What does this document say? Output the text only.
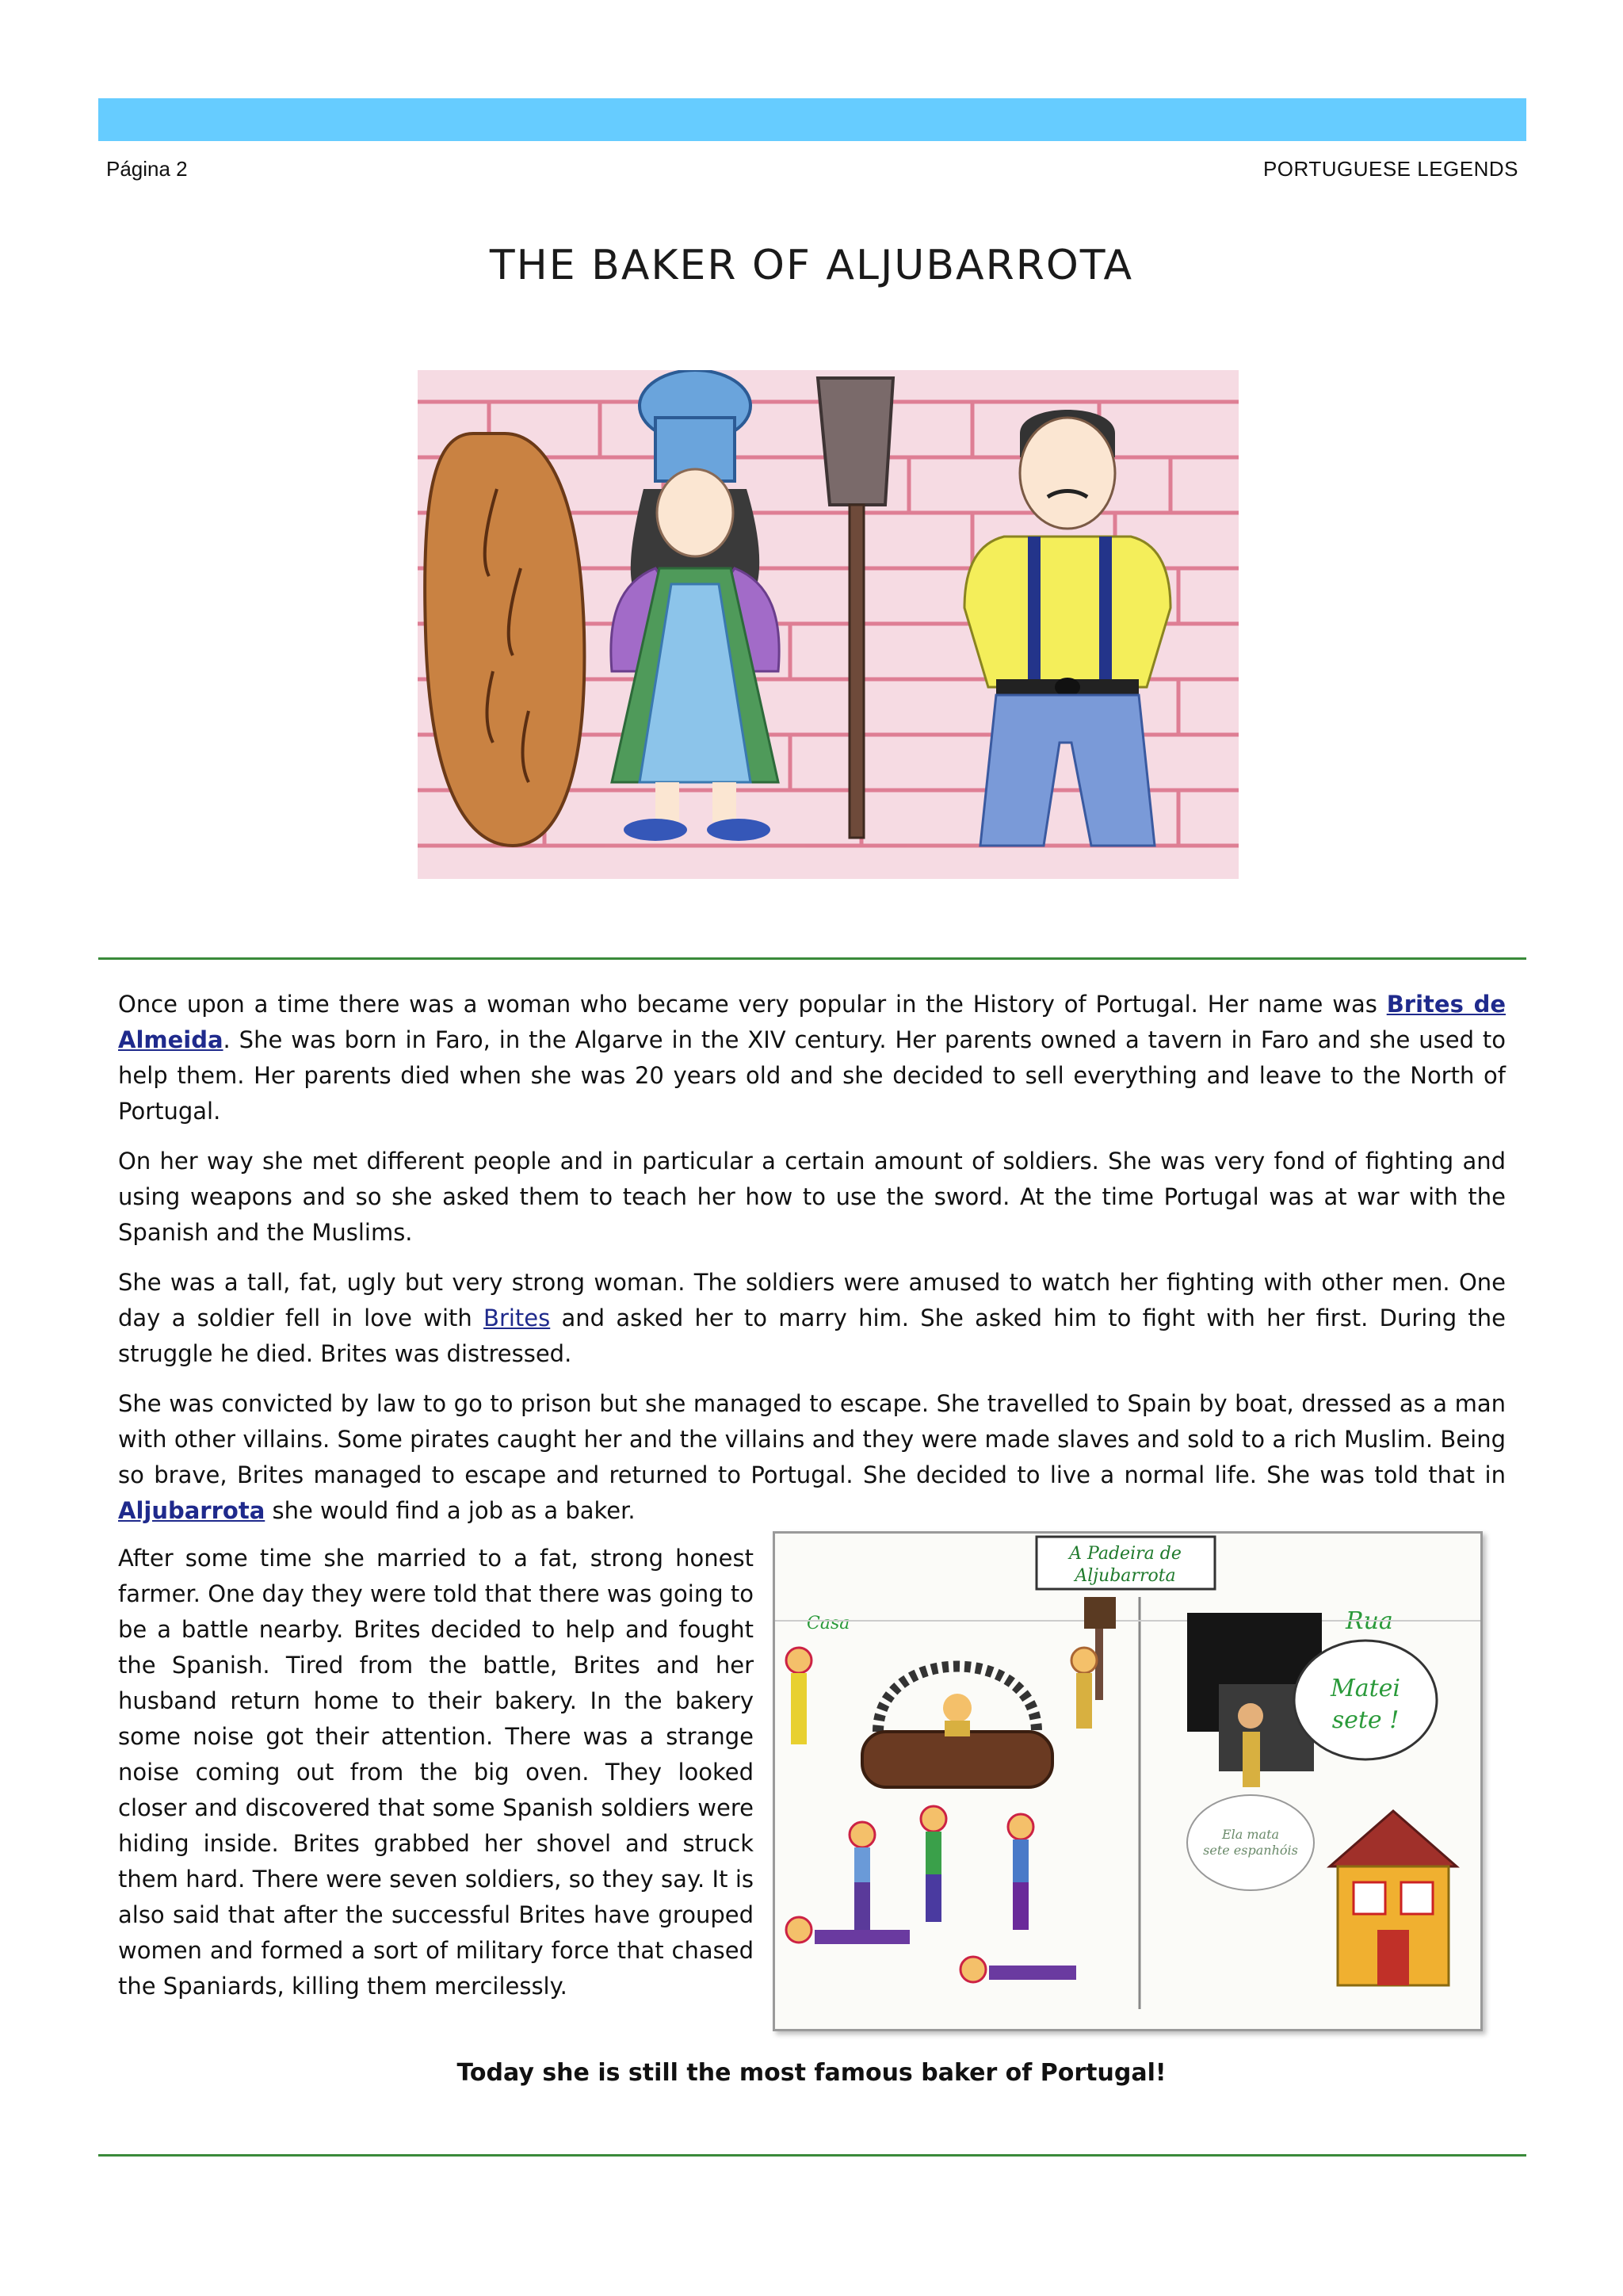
Página 2	PORTUGUESE LEGENDS
THE BAKER OF ALJUBARROTA

Once upon a time there was a woman who became very popular in the History of Portugal. Her name was Brites de Almeida. She was born in Faro, in the Algarve in the XIV century. Her parents owned a tavern in Faro and she used to help them. Her parents died when she was 20 years old and she decided to sell everything and leave to the North of Portugal.

On her way she met different people and in particular a certain amount of soldiers. She was very fond of fighting and using weapons and so she asked them to teach her how to use the sword. At the time Portugal was at war with the Spanish and the Muslims.

She was a tall, fat, ugly but very strong woman. The soldiers were amused to watch her fighting with other men. One day a soldier fell in love with Brites and asked her to marry him. She asked him to fight with her first. During the struggle he died. Brites was distressed.

She was convicted by law to go to prison but she managed to escape. She travelled to Spain by boat, dressed as a man with other villains. Some pirates caught her and the villains and they were made slaves and sold to a rich Muslim. Being so brave, Brites managed to escape and returned to Portugal. She decided to live a normal life. She was told that in Aljubarrota she would find a job as a baker.

After some time she married to a fat, strong honest farmer. One day they were told that there was going to be a battle nearby. Brites decided to help and fought the Spanish. Tired from the battle, Brites and her husband return home to their bakery. In the bakery some noise got their attention. There was a strange noise coming out from the big oven. They looked closer and discovered that some Spanish soldiers were hiding inside. Brites grabbed her shovel and struck them hard. There were seven soldiers, so they say. It is also said that after the successful Brites have grouped women and formed a sort of military force that chased the Spaniards, killing them mercilessly.

A Padeira de
Aljubarrota
Casa	Rua
Matei
sete !
Ela mata
sete espanhóis
Today she is still the most famous baker of Portugal!
